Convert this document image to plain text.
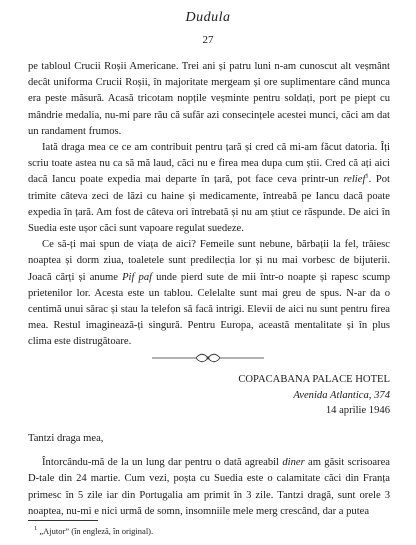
Dudula
27

pe tabloul Crucii Roșii Americane. Trei ani și patru luni n-am cunoscut alt veșmânt decât uniforma Crucii Roșii, în majoritate mergeam și ore suplimentare când munca era peste măsură. Acasă tricotam nopțile veșminte pentru soldați, port pe piept cu mândrie medalia, nu-mi pare rău că sufăr azi consecințele acestei munci, căci am dat un randament frumos.

Iată draga mea ce ce am contribuit pentru țară și cred că mi-am făcut datoria. Îți scriu toate astea nu ca să mă laud, căci nu e firea mea dupa cum știi. Cred că ați aici dacă Iancu poate expedia mai departe în țară, pot face ceva printr-un relief$^1$. Pot trimite câteva zeci de lăzi cu haine și medicamente, întreabă pe Iancu dacă poate expedia în țară. Am fost de câteva ori întrebată și nu am știut ce răspunde. De aici în Suedia este ușor căci sunt vapoare regulat suedeze.

Ce să-ți mai spun de viața de aici? Femeile sunt nebune, bărbații la fel, trăiesc noaptea și dorm ziua, toaletele sunt predilecția lor și nu mai vorbesc de bijuterii. Joacă cărți și anume Pif paf unde pierd sute de mii într-o noapte și rapesc scump prietenilor lor. Acesta este un tablou. Celelalte sunt mai greu de spus. N-ar da o centimă unui sărac și stau la telefon să facă intrigi. Elevii de aici nu sunt pentru firea mea. Restul imagineazã-ți singură. Pentru Europa, această mentalitate și în plus clima este distrugătoare.

COPACABANA PALACE HOTEL
Avenida Atlantica, 374
14 aprilie 1946

Tantzi draga mea,

Întorcându-mă de la un lung dar pentru o dată agreabil diner am găsit scrisoarea D-tale din 24 martie. Cum vezi, poșta cu Suedia este o calamitate căci din Franța primesc în 5 zile iar din Portugalia am primit în 3 zile. Tantzi dragă, sunt orele 3 noaptea, nu-mi e nici urmă de somn, insomniile mele merg crescând, dar a putea

$^1$ „Ajutor” (în engleză, în original).
